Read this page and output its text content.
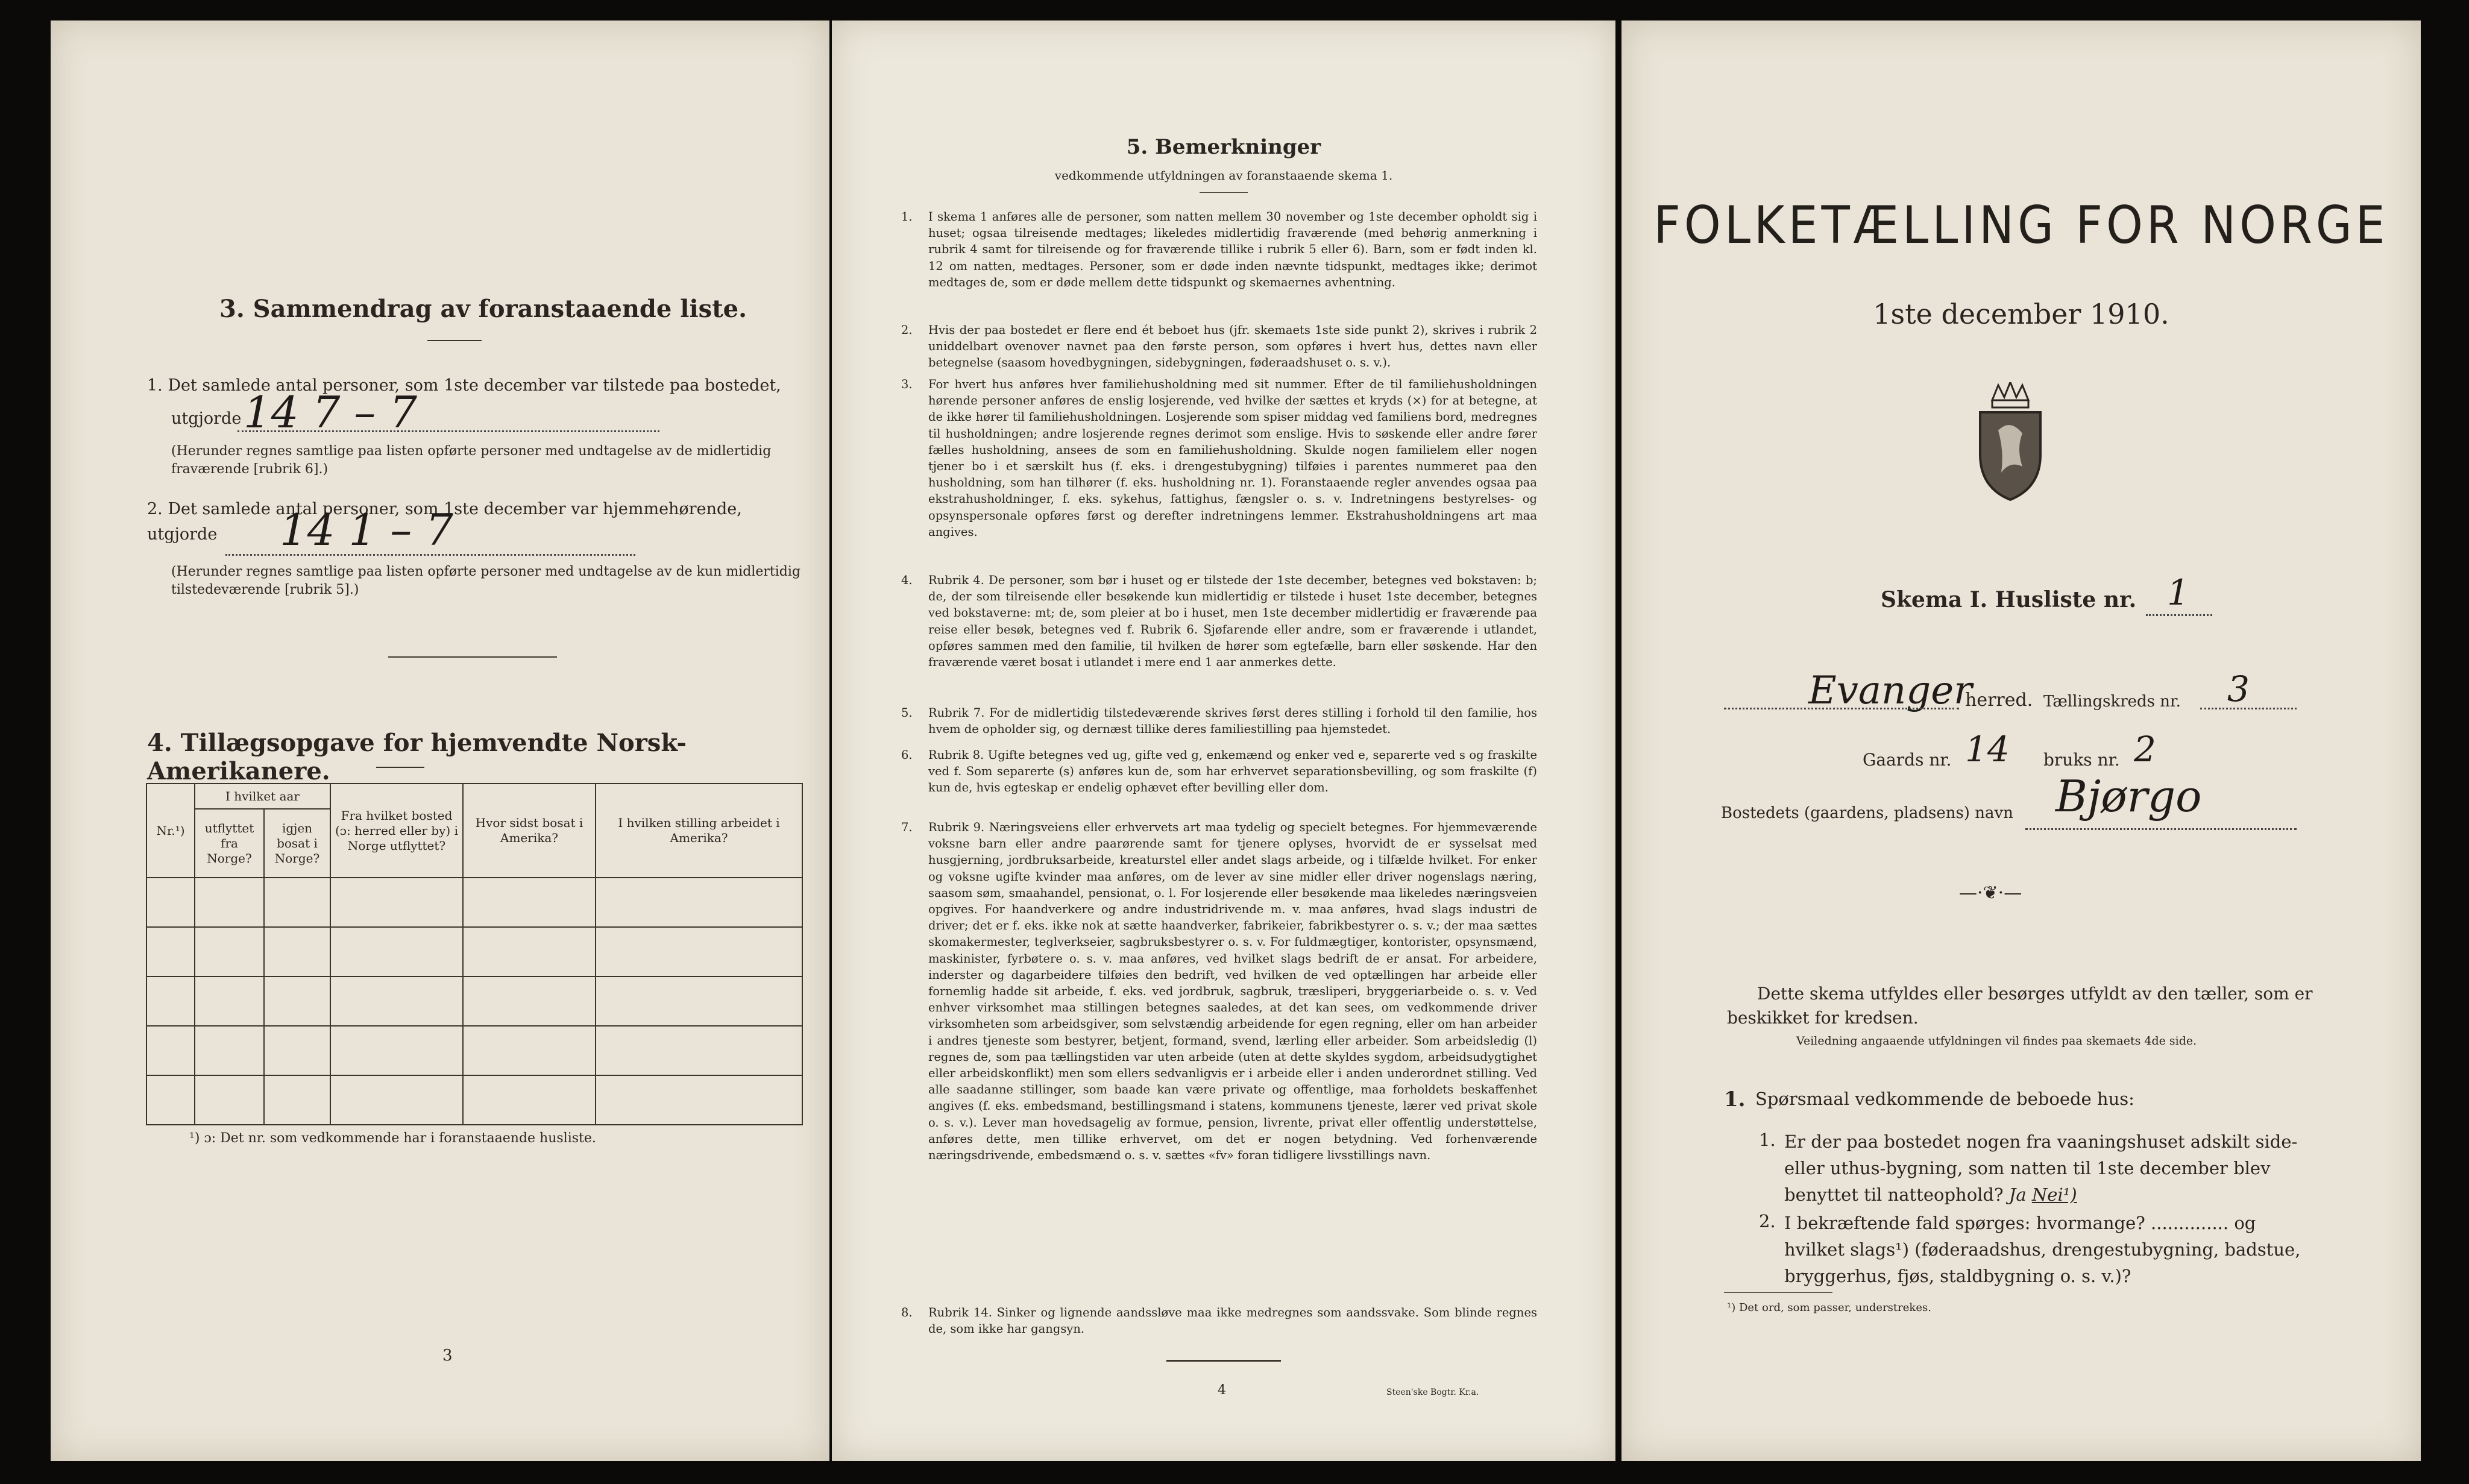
3. Sammendrag av foranstaaende liste.
1. Det samlede antal personer, som 1ste december var tilstede paa bostedet,
utgjorde 14 7 – 7
(Herunder regnes samtlige paa listen opførte personer med undtagelse av de midlertidig fraværende [rubrik 6].)
2. Det samlede antal personer, som 1ste december var hjemmehørende, utgjorde	14 1 – 7
(Herunder regnes samtlige paa listen opførte personer med undtagelse av de kun midlertidig tilstedeværende [rubrik 5].)
4. Tillægsopgave for hjemvendte Norsk-Amerikanere.
Nr.¹)	I hvilket aar		Fra hvilket bosted (ɔ: herred eller by) i Norge utflyttet?	Hvor sidst bosat i Amerika?	I hvilken stilling arbeidet i Amerika?
	utflyttet fra Norge?	igjen bosat i Norge?			

¹) ɔ: Det nr. som vedkommende har i foranstaaende husliste.
3
5. Bemerkninger
vedkommende utfyldningen av foranstaaende skema 1.
1. I skema 1 anføres alle de personer, som natten mellem 30 november og 1ste december opholdt sig i huset; ogsaa tilreisende medtages; likeledes midlertidig fraværende (med behørig anmerkning i rubrik 4 samt for tilreisende og for fraværende tillike i rubrik 5 eller 6). Barn, som er født inden kl. 12 om natten, medtages. Personer, som er døde inden nævnte tidspunkt, medtages ikke; derimot medtages de, som er døde mellem dette tidspunkt og skemaernes avhentning.
2. Hvis der paa bostedet er flere end ét beboet hus (jfr. skemaets 1ste side punkt 2), skrives i rubrik 2 uniddelbart ovenover navnet paa den første person, som opføres i hvert hus, dettes navn eller betegnelse (saasom hovedbygningen, sidebygningen, føderaadshuset o. s. v.).
3. For hvert hus anføres hver familiehusholdning med sit nummer. Efter de til familiehusholdningen hørende personer anføres de enslig losjerende, ved hvilke der sættes et kryds (×) for at betegne, at de ikke hører til familiehusholdningen. Losjerende som spiser middag ved familiens bord, medregnes til husholdningen; andre losjerende regnes derimot som enslige. Hvis to søskende eller andre fører fælles husholdning, ansees de som en familiehusholdning. Skulde nogen familielem eller nogen tjener bo i et særskilt hus (f. eks. i drengestubygning) tilføies i parentes nummeret paa den husholdning, som han tilhører (f. eks. husholdning nr. 1). Foranstaaende regler anvendes ogsaa paa ekstrahusholdninger, f. eks. sykehus, fattighus, fængsler o. s. v. Indretningens bestyrelses- og opsynspersonale opføres først og derefter indretningens lemmer. Ekstrahusholdningens art maa angives.
4. Rubrik 4. De personer, som bør i huset og er tilstede der 1ste december, betegnes ved bokstaven: b; de, der som tilreisende eller besøkende kun midlertidig er tilstede i huset 1ste december, betegnes ved bokstaverne: mt; de, som pleier at bo i huset, men 1ste december midlertidig er fraværende paa reise eller besøk, betegnes ved f. Rubrik 6. Sjøfarende eller andre, som er fraværende i utlandet, opføres sammen med den familie, til hvilken de hører som egtefælle, barn eller søskende. Har den fraværende været bosat i utlandet i mere end 1 aar anmerkes dette.
5. Rubrik 7. For de midlertidig tilstedeværende skrives først deres stilling i forhold til den familie, hos hvem de opholder sig, og dernæst tillike deres familiestilling paa hjemstedet.
6. Rubrik 8. Ugifte betegnes ved ug, gifte ved g, enkemænd og enker ved e, separerte ved s og fraskilte ved f. Som separerte (s) anføres kun de, som har erhvervet separationsbevilling, og som fraskilte (f) kun de, hvis egteskap er endelig ophævet efter bevilling eller dom.
7. Rubrik 9. Næringsveiens eller erhvervets art maa tydelig og specielt betegnes. For hjemmeværende voksne barn eller andre paarørende samt for tjenere oplyses, hvorvidt de er sysselsat med husgjerning, jordbruksarbeide, kreaturstel eller andet slags arbeide, og i tilfælde hvilket. For enker og voksne ugifte kvinder maa anføres, om de lever av sine midler eller driver nogenslags næring, saasom søm, smaahandel, pensionat, o. l. For losjerende eller besøkende maa likeledes næringsveien opgives. For haandverkere og andre industridrivende m. v. maa anføres, hvad slags industri de driver; det er f. eks. ikke nok at sætte haandverker, fabrikeier, fabrikbestyrer o. s. v.; der maa sættes skomakermester, teglverkseier, sagbruksbestyrer o. s. v. For fuldmægtiger, kontorister, opsynsmænd, maskinister, fyrbøtere o. s. v. maa anføres, ved hvilket slags bedrift de er ansat. For arbeidere, inderster og dagarbeidere tilføies den bedrift, ved hvilken de ved optællingen har arbeide eller fornemlig hadde sit arbeide, f. eks. ved jordbruk, sagbruk, træsliperi, bryggeriarbeide o. s. v. Ved enhver virksomhet maa stillingen betegnes saaledes, at det kan sees, om vedkommende driver virksomheten som arbeidsgiver, som selvstændig arbeidende for egen regning, eller om han arbeider i andres tjeneste som bestyrer, betjent, formand, svend, lærling eller arbeider. Som arbeidsledig (l) regnes de, som paa tællingstiden var uten arbeide (uten at dette skyldes sygdom, arbeidsudygtighet eller arbeidskonflikt) men som ellers sedvanligvis er i arbeide eller i anden underordnet stilling. Ved alle saadanne stillinger, som baade kan være private og offentlige, maa forholdets beskaffenhet angives (f. eks. embedsmand, bestillingsmand i statens, kommunens tjeneste, lærer ved privat skole o. s. v.). Lever man hovedsagelig av formue, pension, livrente, privat eller offentlig understøttelse, anføres dette, men tillike erhvervet, om det er nogen betydning. Ved forhenværende næringsdrivende, embedsmænd o. s. v. sættes «fv» foran tidligere livsstillings navn.
8. Rubrik 14. Sinker og lignende aandssløve maa ikke medregnes som aandssvake. Som blinde regnes de, som ikke har gangsyn.
4	Steen'ske Bogtr. Kr.a.
FOLKETÆLLING FOR NORGE
1ste december 1910.
Skema I. Husliste nr. 1
Evanger
herred. Tællingskreds nr. 3
Gaards nr. 14 bruks nr. 2
Bostedets (gaardens, pladsens) navn Bjørgo
—·❦·—
Dette skema utfyldes eller besørges utfyldt av den tæller, som er beskikket for kredsen.
Veiledning angaaende utfyldningen vil findes paa skemaets 4de side.
1. Spørsmaal vedkommende de beboede hus:
1. Er der paa bostedet nogen fra vaaningshuset adskilt side- eller uthus-bygning, som natten til 1ste december blev benyttet til natteophold? Ja Nei¹)
2. I bekræftende fald spørges: hvormange? .............. og hvilket slags¹) (føderaadshus, drengestubygning, badstue, bryggerhus, fjøs, staldbygning o. s. v.)?
¹) Det ord, som passer, understrekes.
